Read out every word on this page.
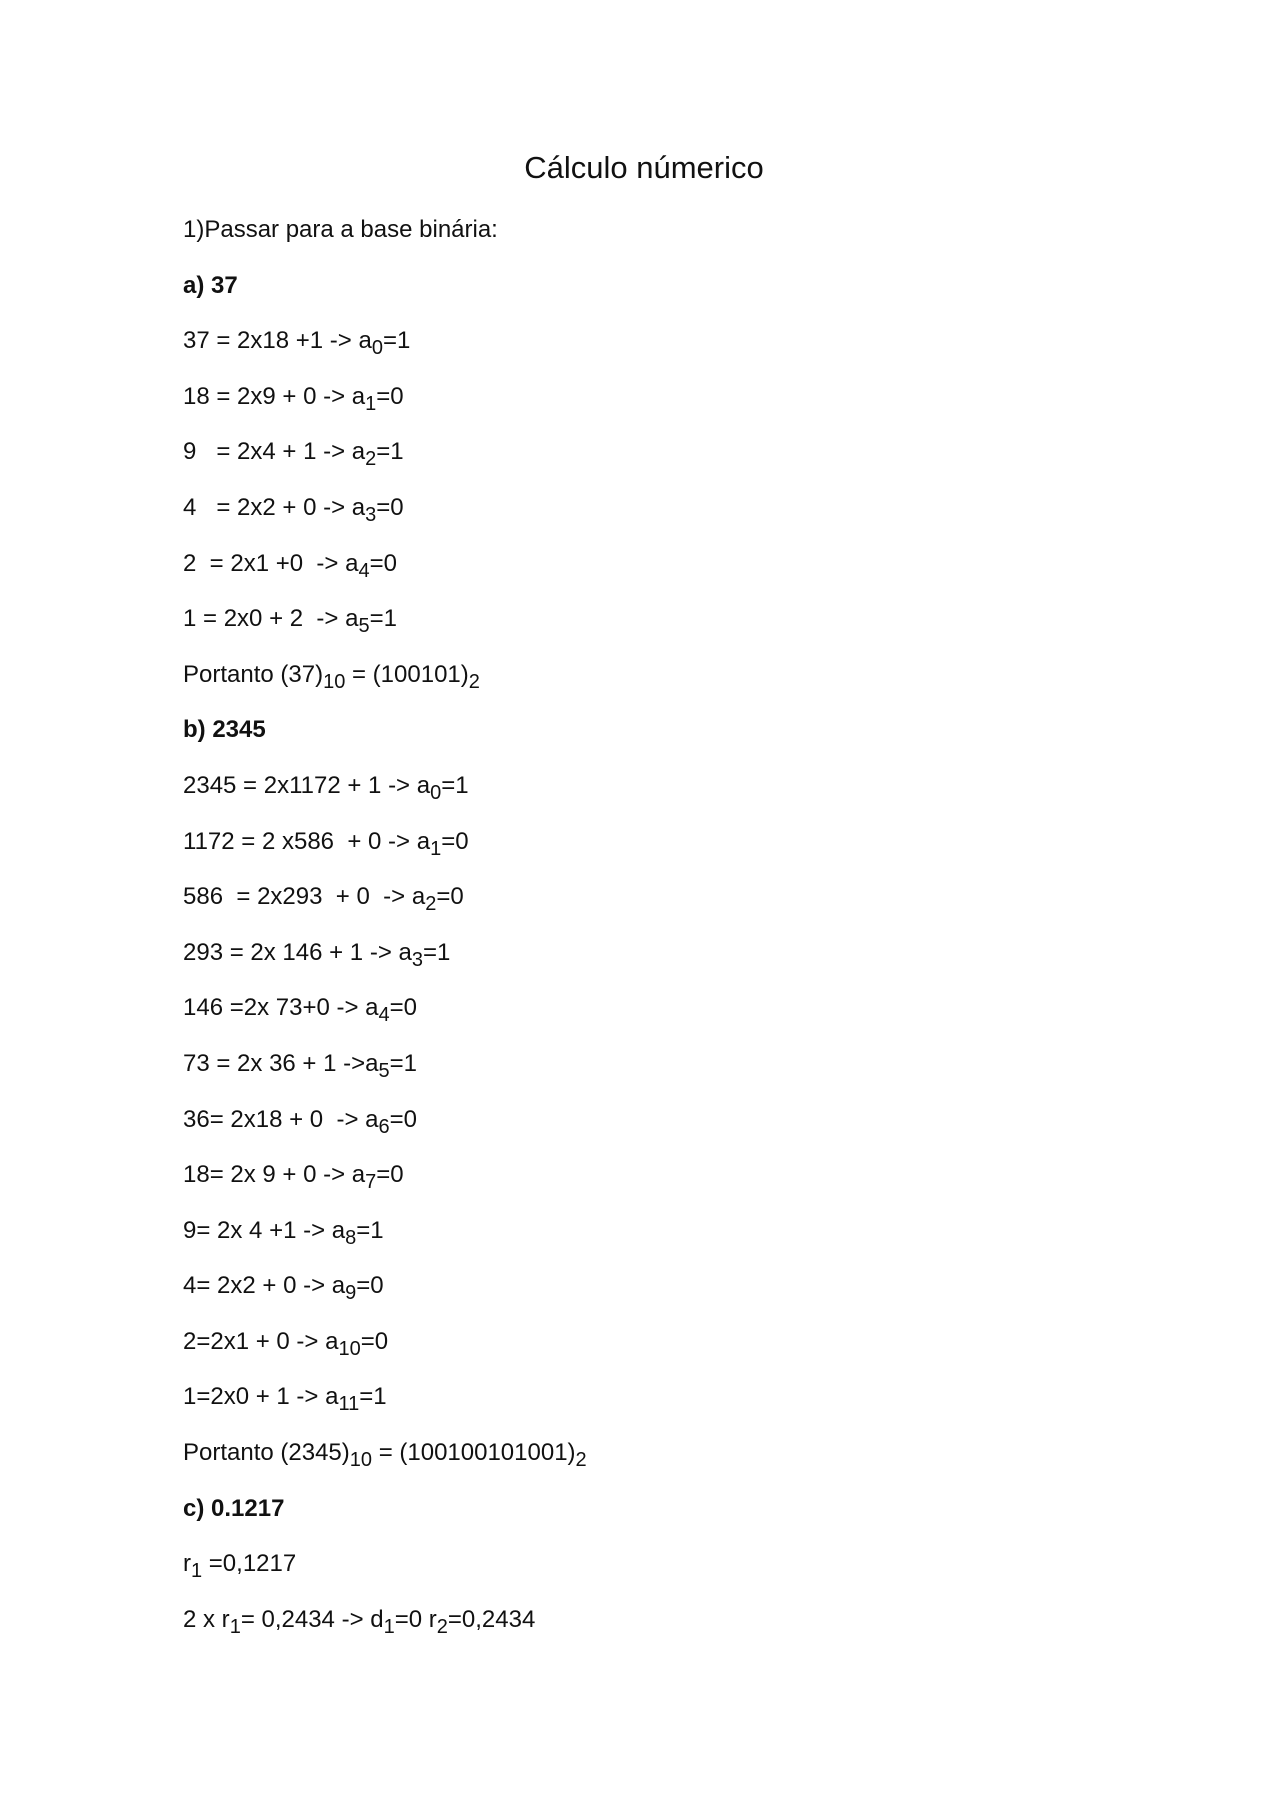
Cálculo númerico
1)Passar para a base binária:
a) 37
$37 = 2x18 +1 -> a_0=1$
$18 = 2x9 + 0 -> a_1=0$
$9 = 2x4 + 1 -> a_2=1$
$4 = 2x2 + 0 -> a_3=0$
$2 = 2x1 +0 -> a_4=0$
$1 = 2x0 + 2 -> a_5=1$
Portanto $(37)_{10} = (100101)_2$
b) 2345
$2345 = 2x1172 + 1 -> a_0=1$
1172 = 2 $x586 + 0 -> a_1=0$
$586 = 2x293 + 0 -> a_2=0$
293 = 2x $146 + 1 -> a_3=1$
146 =2x $73+0 -> a_4=0$
73 = 2x 36 + 1 $->a_5=1$
$36= 2x18 + 0 -> a_6=0$
18= 2x $9 + 0 -> a_7=0$
9= 2x $4 +1 -> a_8=1$
$4= 2x2 + 0 -> a_9=0$
$2=2x1 + 0 -> a_{10}=0$
$1=2x0 + 1 -> a_{11}=1$
Portanto $(2345)_{10} = (100100101001)_2$
c) 0.1217
$r_1 =0,1217$
2 x $r_1= 0,2434 -> d_1=0$ $r_2=0,2434$
